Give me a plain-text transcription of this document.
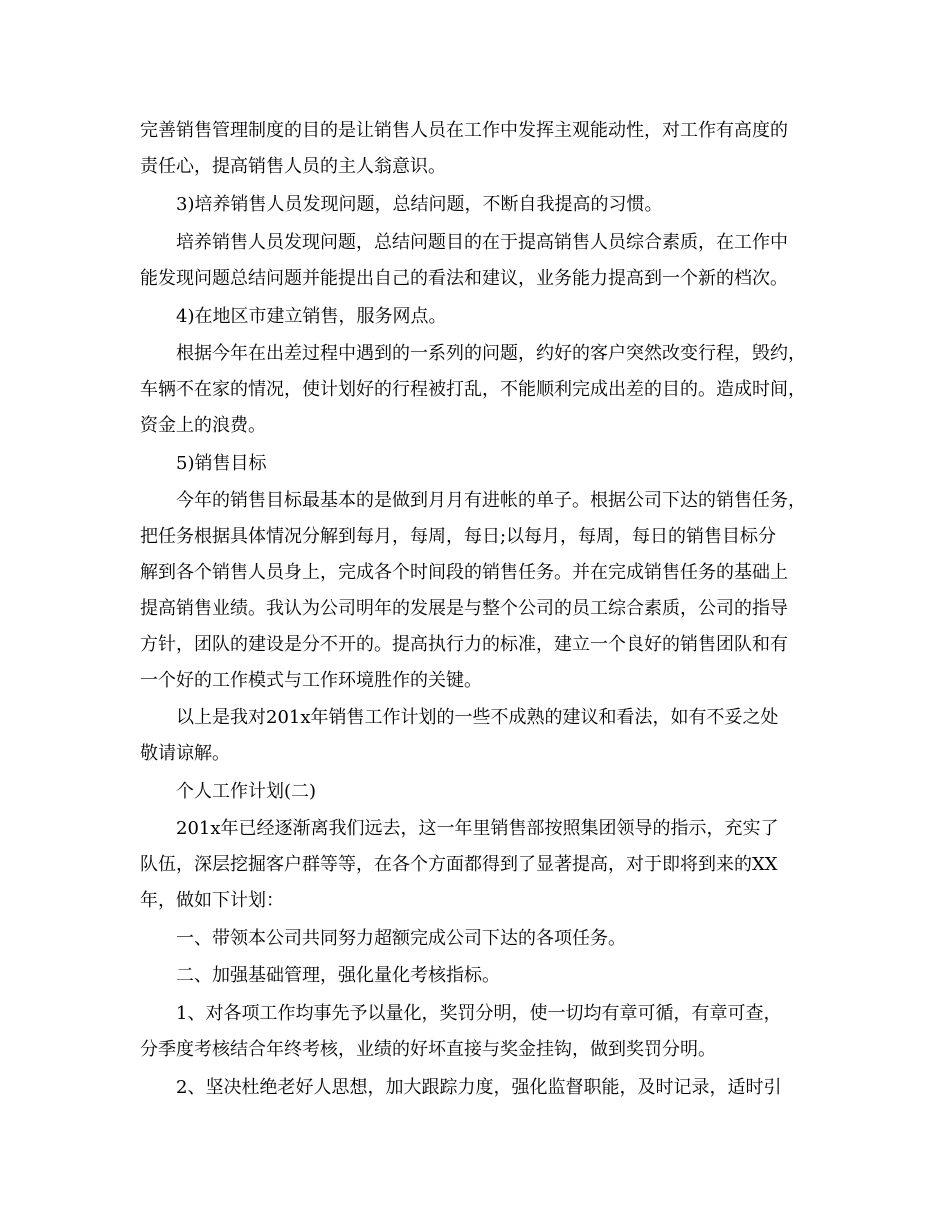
完善销售管理制度的目的是让销售人员在工作中发挥主观能动性，对工作有高度的
责任心，提高销售人员的主人翁意识。
3)培养销售人员发现问题，总结问题，不断自我提高的习惯。
培养销售人员发现问题，总结问题目的在于提高销售人员综合素质，在工作中
能发现问题总结问题并能提出自己的看法和建议，业务能力提高到一个新的档次。
4)在地区市建立销售，服务网点。
根据今年在出差过程中遇到的一系列的问题，约好的客户突然改变行程，毁约，
车辆不在家的情况，使计划好的行程被打乱，不能顺利完成出差的目的。造成时间，
资金上的浪费。
5)销售目标
今年的销售目标最基本的是做到月月有进帐的单子。根据公司下达的销售任务，
把任务根据具体情况分解到每月，每周，每日;以每月，每周，每日的销售目标分
解到各个销售人员身上，完成各个时间段的销售任务。并在完成销售任务的基础上
提高销售业绩。我认为公司明年的发展是与整个公司的员工综合素质，公司的指导
方针，团队的建设是分不开的。提高执行力的标准，建立一个良好的销售团队和有
一个好的工作模式与工作环境胜作的关键。
以上是我对201x年销售工作计划的一些不成熟的建议和看法，如有不妥之处
敬请谅解。
个人工作计划(二)
201x年已经逐渐离我们远去，这一年里销售部按照集团领导的指示，充实了
队伍，深层挖掘客户群等等，在各个方面都得到了显著提高，对于即将到来的XX
年，做如下计划：
一、带领本公司共同努力超额完成公司下达的各项任务。
二、加强基础管理，强化量化考核指标。
1、对各项工作均事先予以量化，奖罚分明，使一切均有章可循，有章可查，
分季度考核结合年终考核，业绩的好坏直接与奖金挂钩，做到奖罚分明。
2、坚决杜绝老好人思想，加大跟踪力度，强化监督职能，及时记录，适时引
